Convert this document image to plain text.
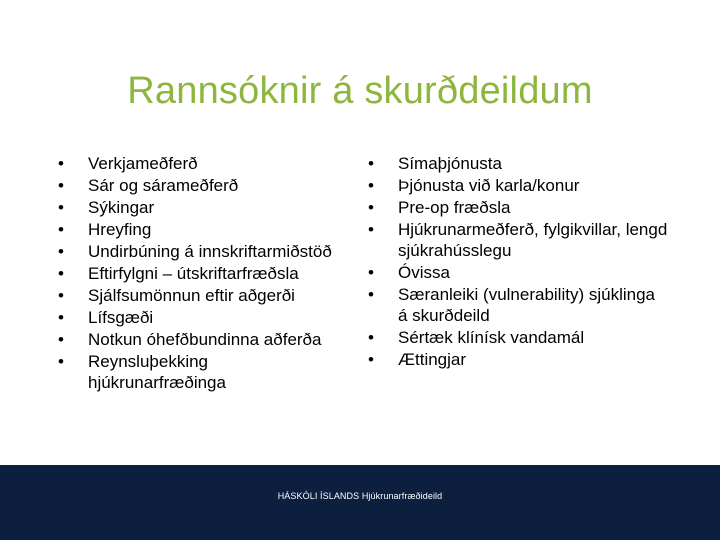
Rannsóknir á skurðdeildum
•	Verkjameðferð
•	Sár og sárameðferð
•	Sýkingar
•	Hreyfing
•	Undirbúning á innskriftarmiðstöð
•	Eftirfylgni – útskriftarfræðsla
•	Sjálfsumönnun eftir aðgerði
•	Lífsgæði
•	Notkun óhefðbundinna aðferða
•	Reynsluþekking hjúkrunarfræðinga
•	Símaþjónusta
•	Þjónusta við karla/konur
•	Pre-op fræðsla
•	Hjúkrunarmeðferð, fylgikvillar, lengd sjúkrahússlegu
•	Óvissa
•	Særanleiki (vulnerability) sjúklinga á skurðdeild
•	Sértæk klínísk vandamál
•	Ættingjar
HÁSKÓLI ÍSLANDS Hjúkrunarfræðideild
